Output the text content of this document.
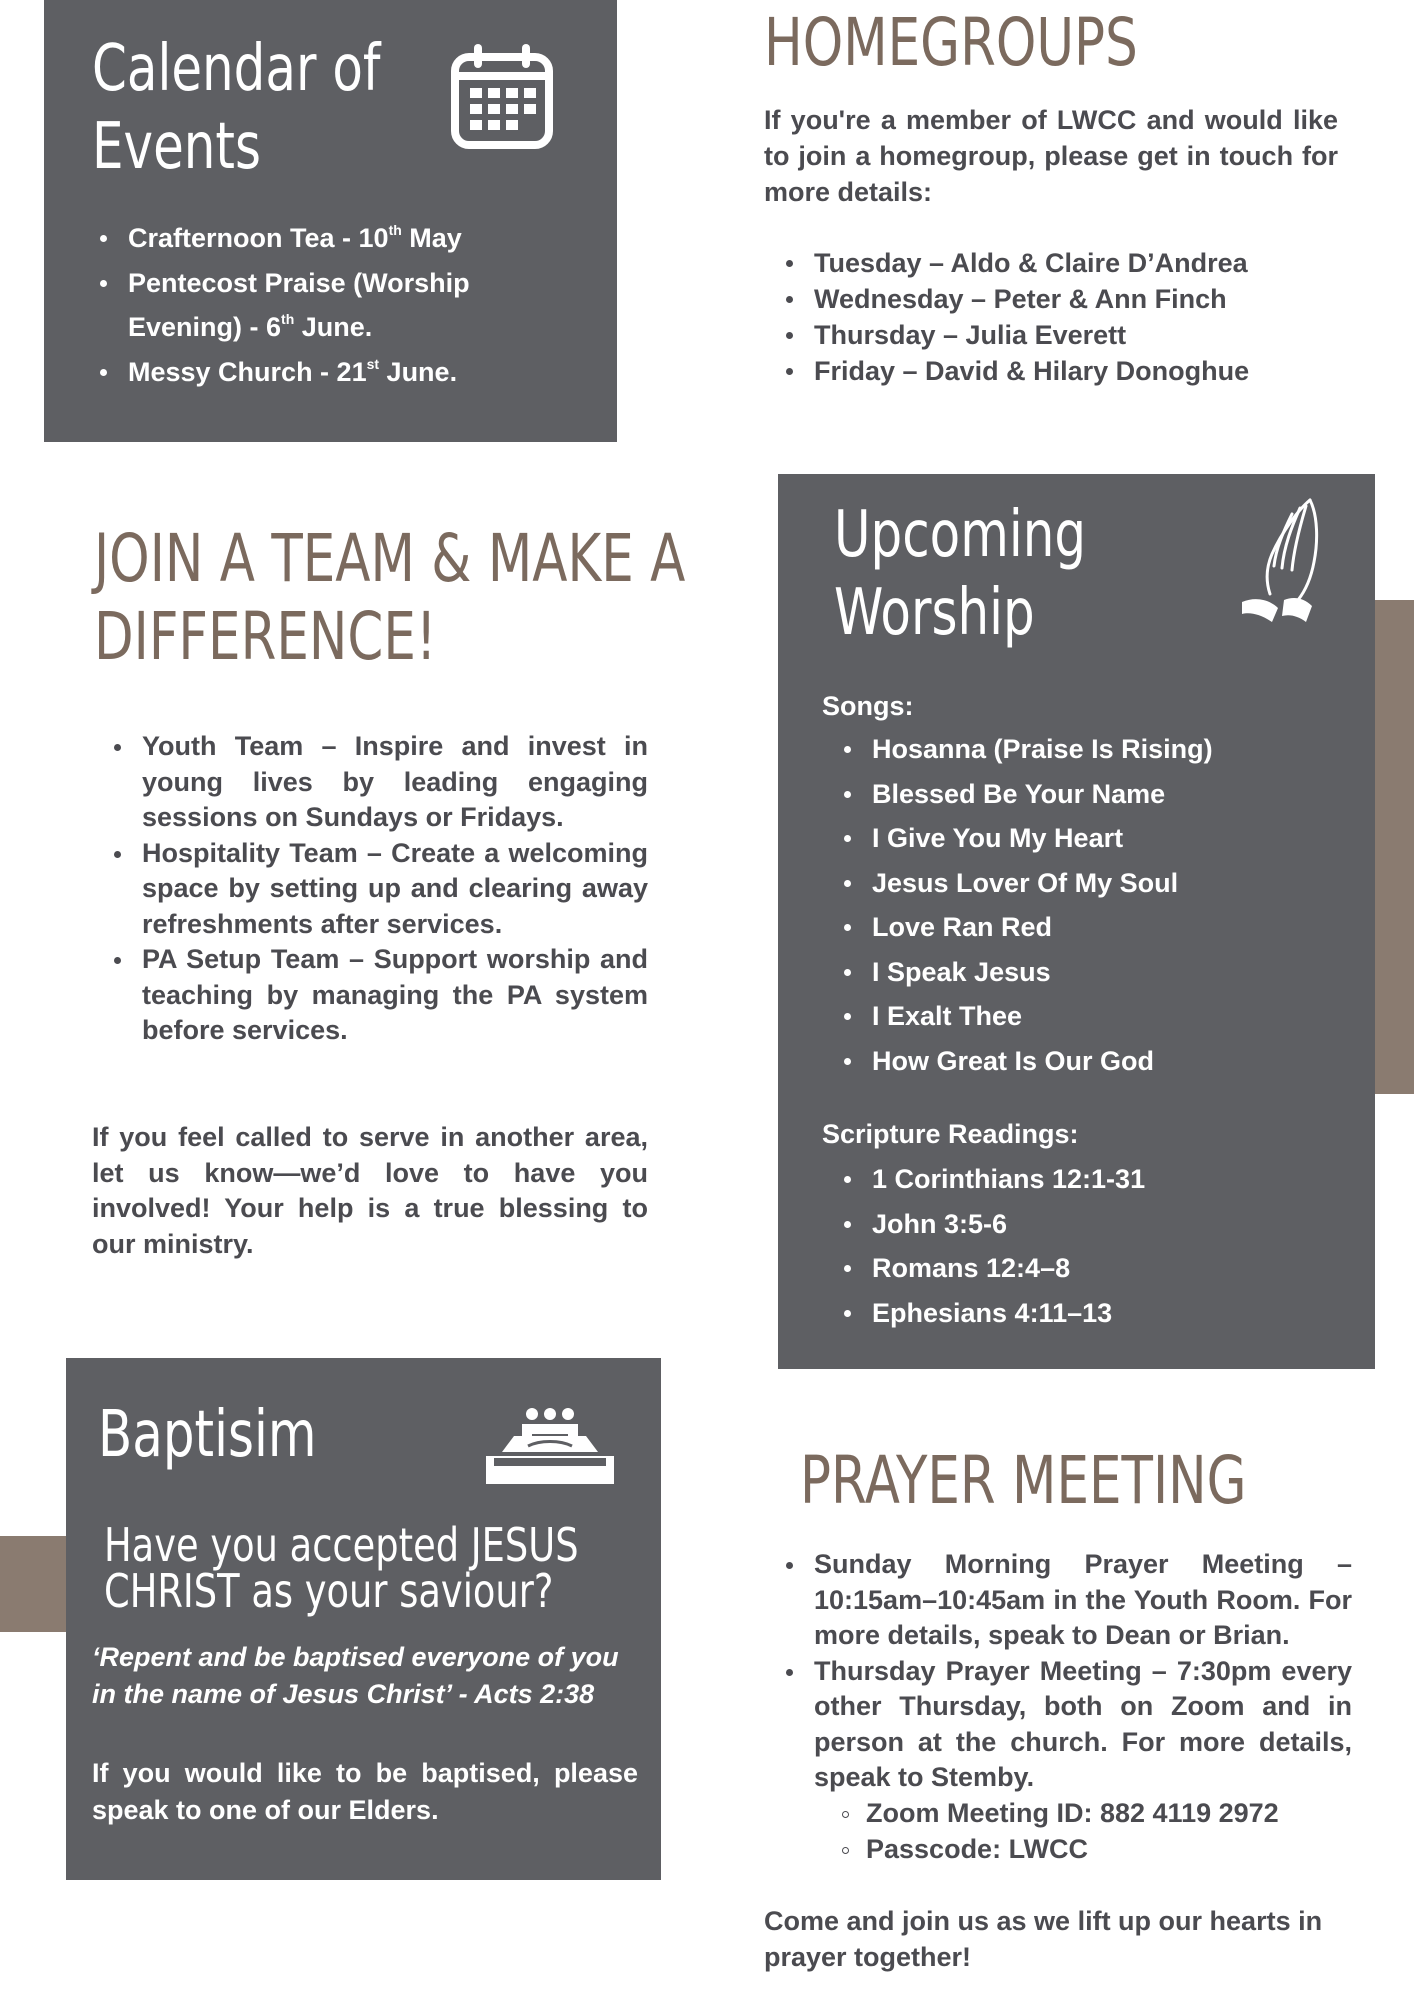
Calendar of
Events
Crafternoon Tea - 10th May
Pentecost Praise (Worship
Evening) - 6th June.
Messy Church - 21st June.
HOMEGROUPS

If you're a member of LWCC and would like to join a homegroup, please get in touch for more details:

Tuesday – Aldo & Claire D’Andrea
Wednesday – Peter & Ann Finch
Thursday – Julia Everett
Friday – David & Hilary Donoghue
JOIN A TEAM & MAKE A
DIFFERENCE!
Youth Team – Inspire and invest in young lives by leading engaging sessions on Sundays or Fridays.
Hospitality Team – Create a welcoming space by setting up and clearing away refreshments after services.
PA Setup Team – Support worship and teaching by managing the PA system before services.

If you feel called to serve in another area, let us know—we’d love to have you involved! Your help is a true blessing to our ministry.

Upcoming
Worship
Songs:
Hosanna (Praise Is Rising)
Blessed Be Your Name
I Give You My Heart
Jesus Lover Of My Soul
Love Ran Red
I Speak Jesus
I Exalt Thee
How Great Is Our God
Scripture Readings:
1 Corinthians 12:1-31
John 3:5-6
Romans 12:4–8
Ephesians 4:11–13
Baptisim
Have you accepted JESUS
CHRIST as your saviour?

‘Repent and be baptised everyone of you in the name of Jesus Christ’ - Acts 2:38

If you would like to be baptised, please speak to one of our Elders.

PRAYER MEETING
Sunday Morning Prayer Meeting – 10:15am–10:45am in the Youth Room. For more details, speak to Dean or Brian.
Thursday Prayer Meeting – 7:30pm every other Thursday, both on Zoom and in person at the church. For more details, speak to Stemby.
Zoom Meeting ID: 882 4119 2972
Passcode: LWCC

Come and join us as we lift up our hearts in prayer together!
